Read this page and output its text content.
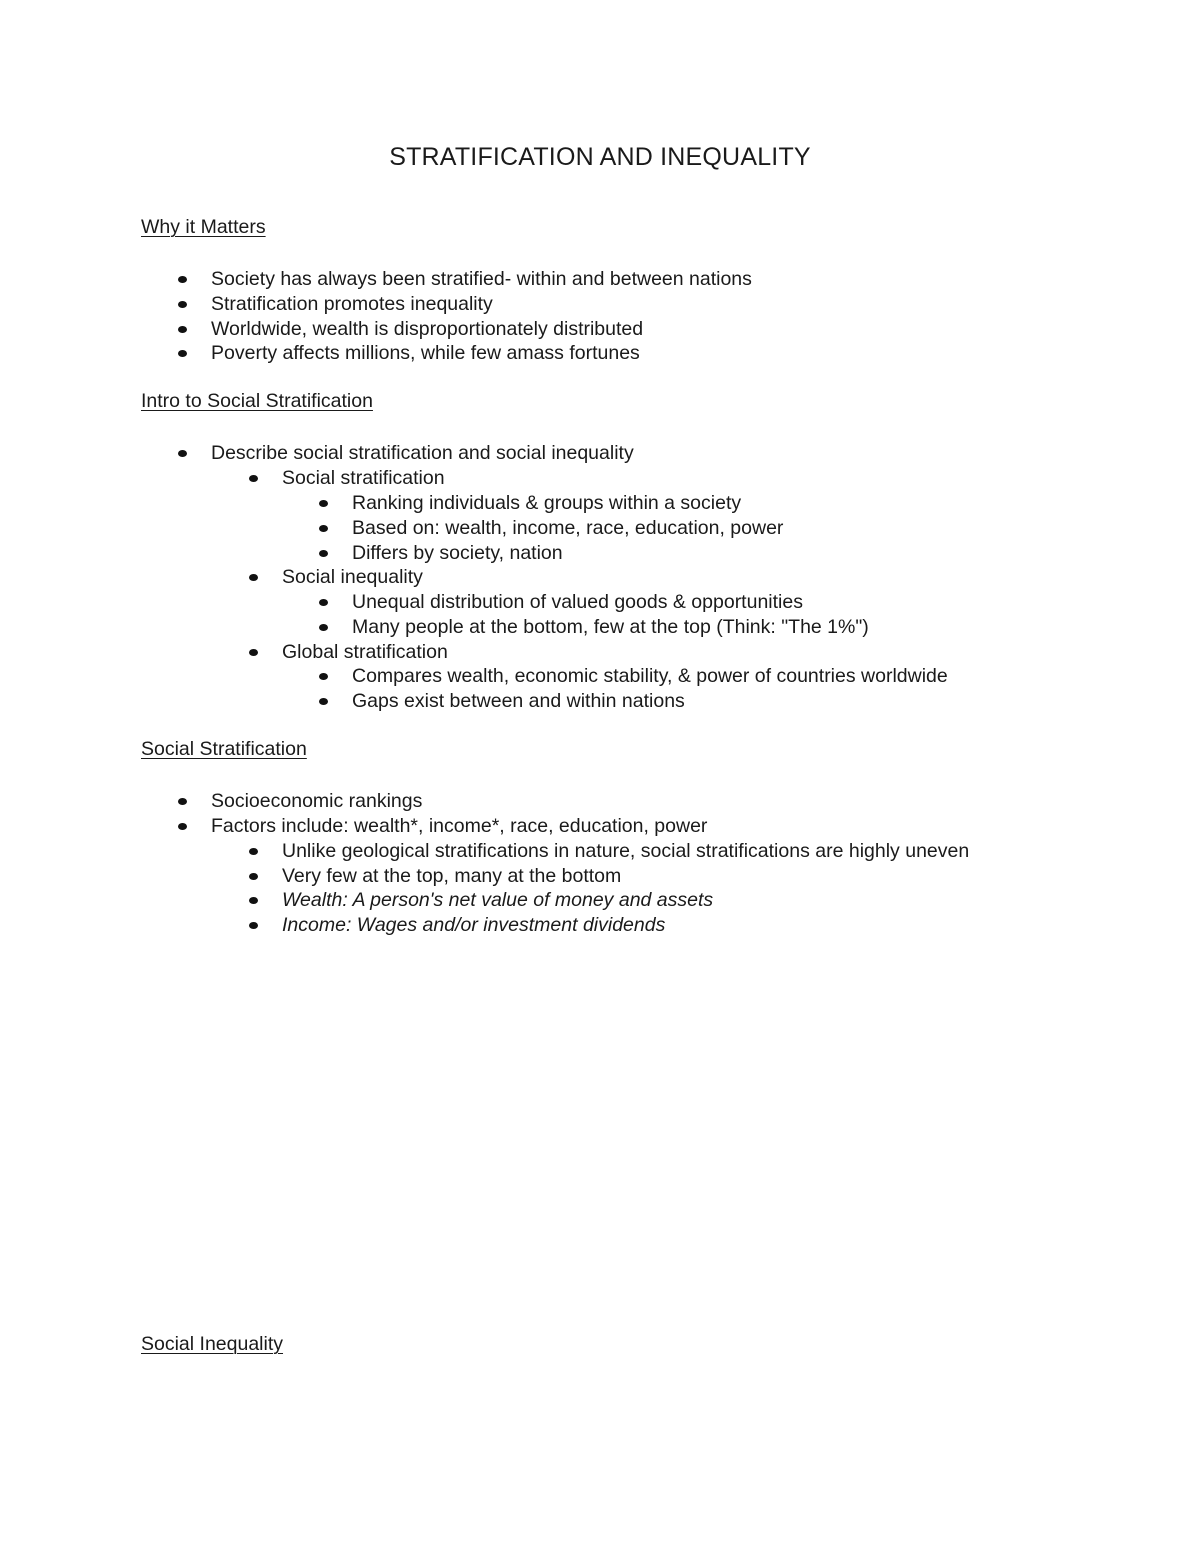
STRATIFICATION AND INEQUALITY
Why it Matters
Society has always been stratified- within and between nations
Stratification promotes inequality
Worldwide, wealth is disproportionately distributed
Poverty affects millions, while few amass fortunes
Intro to Social Stratification
Describe social stratification and social inequality
Social stratification
Ranking individuals & groups within a society
Based on: wealth, income, race, education, power
Differs by society, nation
Social inequality
Unequal distribution of valued goods & opportunities
Many people at the bottom, few at the top (Think: "The 1%")
Global stratification
Compares wealth, economic stability, & power of countries worldwide
Gaps exist between and within nations
Social Stratification
Socioeconomic rankings
Factors include: wealth*, income*, race, education, power
Unlike geological stratifications in nature, social stratifications are highly uneven
Very few at the top, many at the bottom
Wealth: A person's net value of money and assets
Income: Wages and/or investment dividends
Social Inequality
